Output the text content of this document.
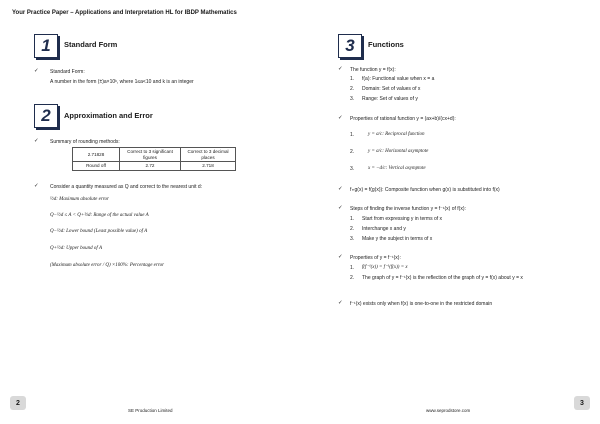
Your Practice Paper – Applications and Interpretation HL for IBDP Mathematics
1	Standard Form
✓ Standard Form:
A number in the form (±)a×10ᵏ, where 1≤a<10 and k is an integer
2	Approximation and Error
✓ Summary of rounding methods:
2.71828	Correct to 3 significant figures	Correct to 3 decimal places
Round off	2.72	2.718
✓ Consider a quantity measured as Q and correct to the nearest unit d:
½d: Maximum absolute error
Q−½d ≤ A < Q+½d: Range of the actual value A
Q−½d: Lower bound (Least possible value) of A
Q+½d: Upper bound of A
(Maximum absolute error / Q) ×100%: Percentage error
2
SE Production Limited
3	Functions
✓ The function y = f(x):
1. f(a): Functional value when x = a
2. Domain: Set of values of x
3. Range: Set of values of y
✓ Properties of rational function y = (ax+b)/(cx+d):
1.	y = a/c: Reciprocal function
2.	y = a/c: Horizontal asymptote
3.	x = −d/c: Vertical asymptote
✓ f∘g(x) = f(g(x)): Composite function when g(x) is substituted into f(x)
✓ Steps of finding the inverse function y = f⁻¹(x) of f(x):
1. Start from expressing y in terms of x
2. Interchange x and y
3. Make y the subject in terms of x
✓ Properties of y = f⁻¹(x):
1. f(f⁻¹(x)) = f⁻¹(f(x)) = x
2. The graph of y = f⁻¹(x) is the reflection of the graph of y = f(x) about y = x
✓ f⁻¹(x) exists only when f(x) is one-to-one in the restricted domain
3
www.seprodstore.com
